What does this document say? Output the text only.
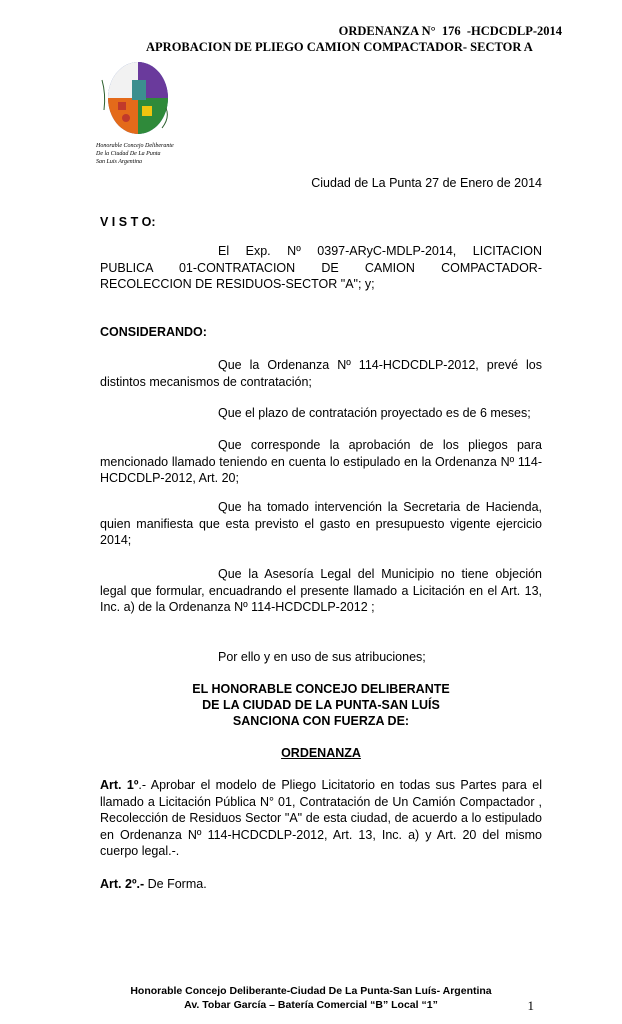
ORDENANZA N°  176  -HCDCDLP-2014
APROBACION DE PLIEGO CAMION COMPACTADOR- SECTOR A
Honorable Concejo Deliberante
De la Ciudad De La Punta
San Luis Argentina
Ciudad de La Punta 27 de Enero de 2014
V I S T O:

El Exp. Nº 0397-ARyC-MDLP-2014, LICITACION PUBLICA 01-CONTRATACION DE CAMION COMPACTADOR-RECOLECCION DE RESIDUOS-SECTOR "A"; y;

CONSIDERANDO:

Que la Ordenanza Nº 114-HCDCDLP-2012, prevé los distintos mecanismos de contratación;

Que el plazo de contratación proyectado es de 6 meses;

Que corresponde la aprobación de los pliegos para mencionado llamado teniendo en cuenta lo estipulado en la Ordenanza Nº 114-HCDCDLP-2012, Art. 20;

Que ha tomado intervención la Secretaria de Hacienda, quien manifiesta que esta previsto el gasto en presupuesto vigente ejercicio 2014;

Que la Asesoría Legal del Municipio no tiene objeción legal que formular, encuadrando el presente llamado a Licitación en el Art. 13, Inc. a) de la Ordenanza Nº 114-HCDCDLP-2012 ;

Por ello y en uso de sus atribuciones;

EL HONORABLE CONCEJO DELIBERANTE
DE LA CIUDAD DE LA PUNTA-SAN LUÍS
SANCIONA CON FUERZA DE:
ORDENANZA

Art. 1º.- Aprobar el modelo de Pliego Licitatorio en todas sus Partes para el llamado a Licitación Pública N° 01, Contratación de Un Camión Compactador , Recolección de Residuos Sector "A" de esta ciudad, de acuerdo a lo estipulado en Ordenanza Nº 114-HCDCDLP-2012, Art. 13, Inc. a) y Art. 20 del mismo cuerpo legal.-.

Art. 2º.- De Forma.

Honorable Concejo Deliberante-Ciudad De La Punta-San Luís- Argentina
Av. Tobar García – Batería Comercial “B” Local “1”	1
